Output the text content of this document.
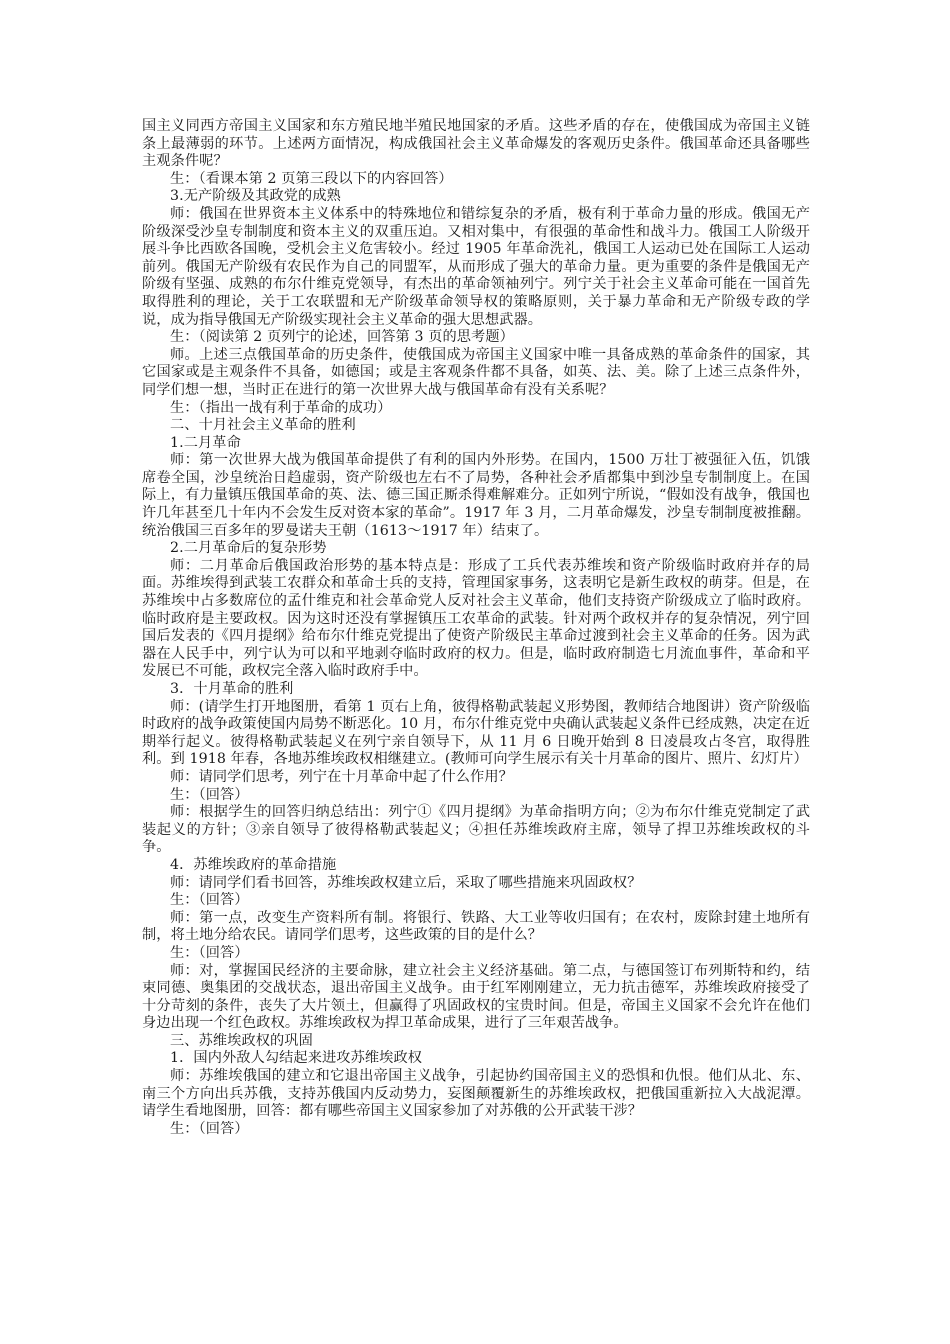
国主义同西方帝国主义国家和东方殖民地半殖民地国家的矛盾。这些矛盾的存在，使俄国成为帝国主义链条上最薄弱的环节。上述两方面情况，构成俄国社会主义革命爆发的客观历史条件。俄国革命还具备哪些主观条件呢？

生：（看课本第 2 页第三段以下的内容回答）

3.无产阶级及其政党的成熟

师：俄国在世界资本主义体系中的特殊地位和错综复杂的矛盾，极有利于革命力量的形成。俄国无产阶级深受沙皇专制制度和资本主义的双重压迫。又相对集中，有很强的革命性和战斗力。俄国工人阶级开展斗争比西欧各国晚，受机会主义危害较小。经过 1905 年革命洗礼，俄国工人运动已处在国际工人运动前列。俄国无产阶级有农民作为自己的同盟军，从而形成了强大的革命力量。更为重要的条件是俄国无产阶级有坚强、成熟的布尔什维克党领导，有杰出的革命领袖列宁。列宁关于社会主义革命可能在一国首先取得胜利的理论，关于工农联盟和无产阶级革命领导权的策略原则，关于暴力革命和无产阶级专政的学说，成为指导俄国无产阶级实现社会主义革命的强大思想武器。

生：（阅读第 2 页列宁的论述，回答第 3 页的思考题）

师。上述三点俄国革命的历史条件，使俄国成为帝国主义国家中唯一具备成熟的革命条件的国家，其它国家或是主观条件不具备，如德国；或是主客观条件都不具备，如英、法、美。除了上述三点条件外，同学们想一想，当时正在进行的第一次世界大战与俄国革命有没有关系呢？

生：（指出一战有利于革命的成功）

二、十月社会主义革命的胜利

1.二月革命

师：第一次世界大战为俄国革命提供了有利的国内外形势。在国内，1500 万壮丁被强征入伍，饥饿席卷全国，沙皇统治日趋虚弱，资产阶级也左右不了局势，各种社会矛盾都集中到沙皇专制制度上。在国际上，有力量镇压俄国革命的英、法、德三国正厮杀得难解难分。正如列宁所说，“假如没有战争，俄国也许几年甚至几十年内不会发生反对资本家的革命”。1917 年 3 月，二月革命爆发，沙皇专制制度被推翻。统治俄国三百多年的罗曼诺夫王朝（1613～1917 年）结束了。

2.二月革命后的复杂形势

师：二月革命后俄国政治形势的基本特点是：形成了工兵代表苏维埃和资产阶级临时政府并存的局面。苏维埃得到武装工农群众和革命士兵的支持，管理国家事务，这表明它是新生政权的萌芽。但是，在苏维埃中占多数席位的孟什维克和社会革命党人反对社会主义革命，他们支持资产阶级成立了临时政府。临时政府是主要政权。因为这时还没有掌握镇压工农革命的武装。针对两个政权并存的复杂情况，列宁回国后发表的《四月提纲》给布尔什维克党提出了使资产阶级民主革命过渡到社会主义革命的任务。因为武器在人民手中，列宁认为可以和平地剥夺临时政府的权力。但是，临时政府制造七月流血事件，革命和平发展已不可能，政权完全落入临时政府手中。

3．十月革命的胜利

师：(请学生打开地图册，看第 1 页右上角，彼得格勒武装起义形势图，教师结合地图讲）资产阶级临时政府的战争政策使国内局势不断恶化。10 月，布尔什维克党中央确认武装起义条件已经成熟，决定在近期举行起义。彼得格勒武装起义在列宁亲自领导下，从 11 月 6 日晚开始到 8 日凌晨攻占冬宫，取得胜利。到 1918 年春，各地苏维埃政权相继建立。(教师可向学生展示有关十月革命的图片、照片、幻灯片）

师：请同学们思考，列宁在十月革命中起了什么作用？

生：（回答）

师：根据学生的回答归纳总结出：列宁①《四月提纲》为革命指明方向；②为布尔什维克党制定了武装起义的方针；③亲自领导了彼得格勒武装起义；④担任苏维埃政府主席，领导了捍卫苏维埃政权的斗争。

4．苏维埃政府的革命措施

师：请同学们看书回答，苏维埃政权建立后，采取了哪些措施来巩固政权？

生：（回答）

师：第一点，改变生产资料所有制。将银行、铁路、大工业等收归国有；在农村，废除封建土地所有制，将土地分给农民。请同学们思考，这些政策的目的是什么？

生：（回答）

师：对，掌握国民经济的主要命脉，建立社会主义经济基础。第二点，与德国签订布列斯特和约，结束同德、奥集团的交战状态，退出帝国主义战争。由于红军刚刚建立，无力抗击德军，苏维埃政府接受了十分苛刻的条件，丧失了大片领土，但赢得了巩固政权的宝贵时间。但是，帝国主义国家不会允许在他们身边出现一个红色政权。苏维埃政权为捍卫革命成果，进行了三年艰苦战争。

三、苏维埃政权的巩固

1．国内外敌人勾结起来进攻苏维埃政权

师：苏维埃俄国的建立和它退出帝国主义战争，引起协约国帝国主义的恐惧和仇恨。他们从北、东、南三个方向出兵苏俄，支持苏俄国内反动势力，妄图颠覆新生的苏维埃政权，把俄国重新拉入大战泥潭。请学生看地图册，回答：都有哪些帝国主义国家参加了对苏俄的公开武装干涉？

生：（回答）
